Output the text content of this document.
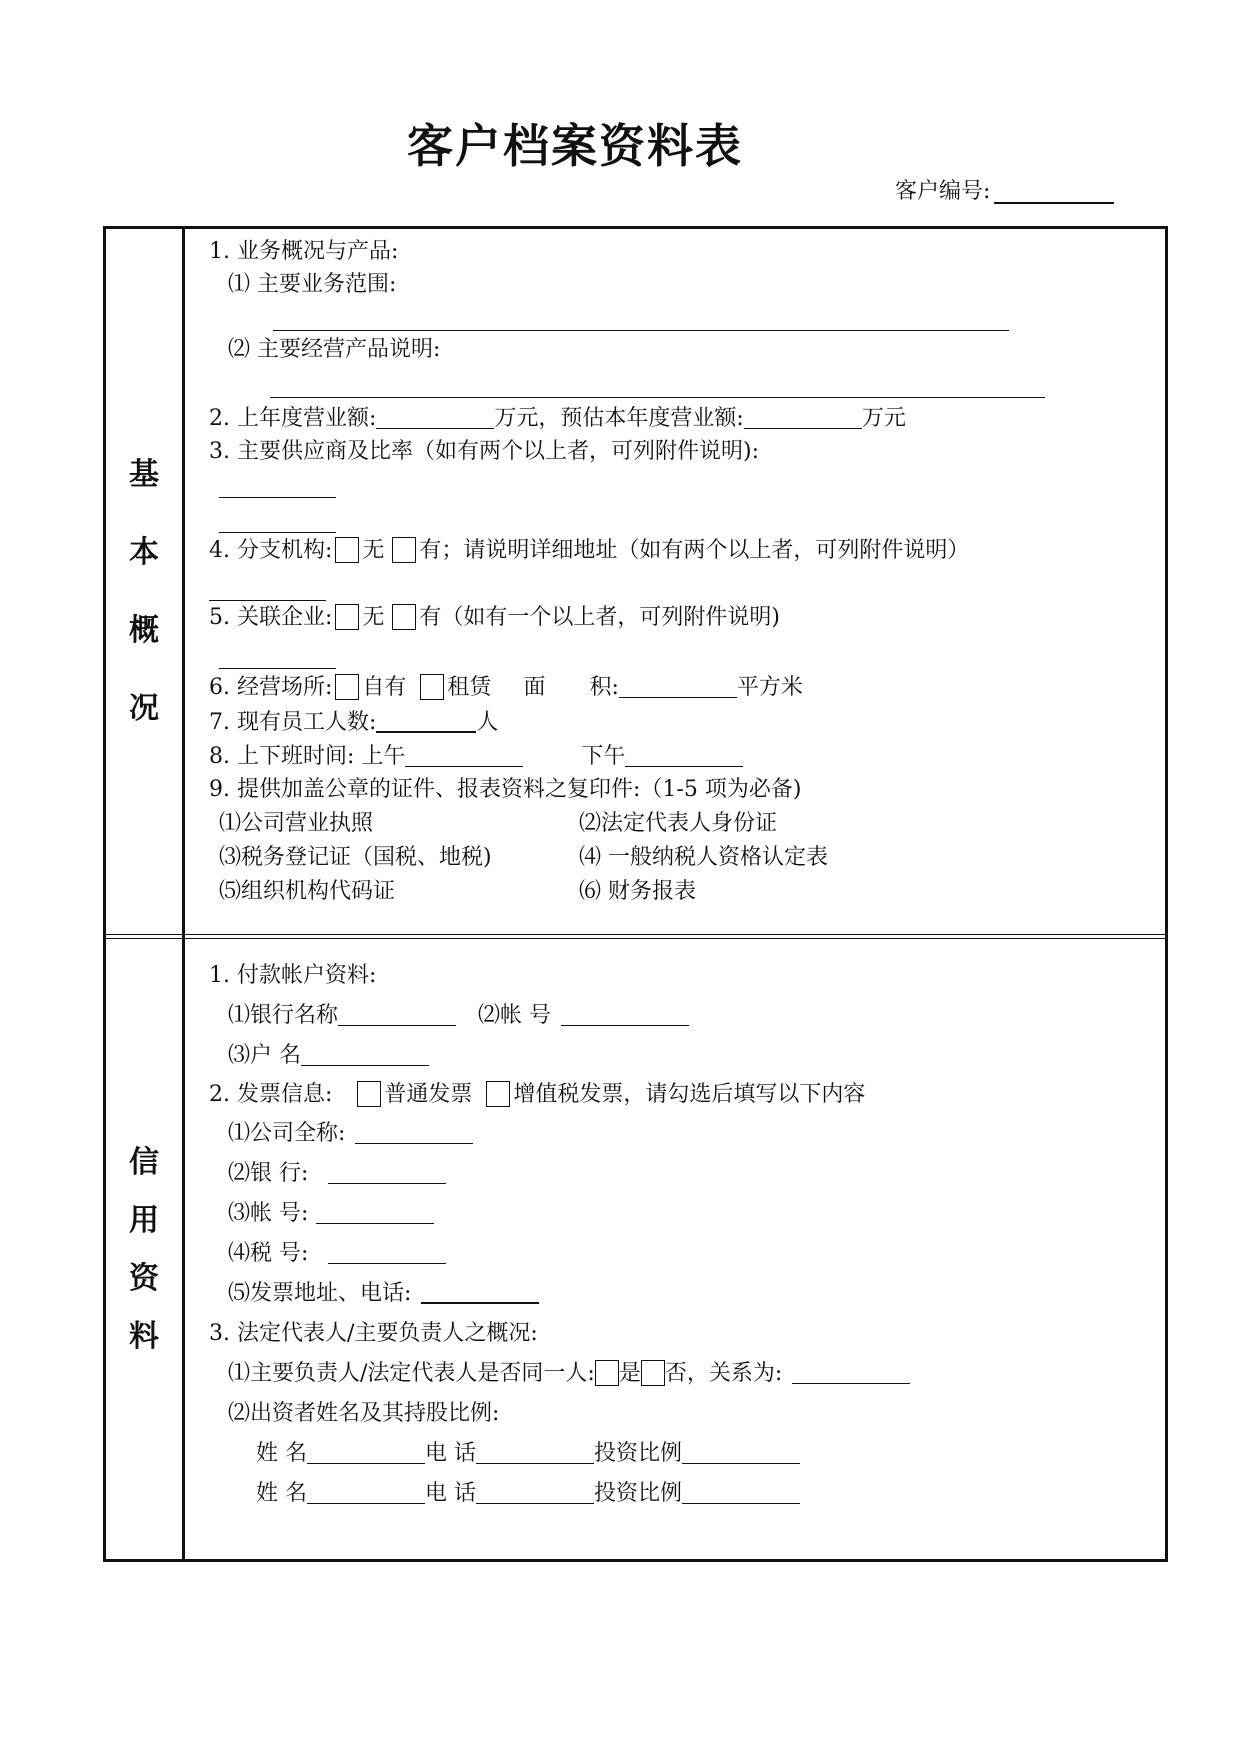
客户档案资料表
客户编号:
基
本
概
况
信
用
资
料
1. 业务概况与产品:
⑴ 主要业务范围:
⑵ 主要经营产品说明:
2. 上年度营业额:	万元，预估本年度营业额:	万元
3. 主要供应商及比率（如有两个以上者，可列附件说明):
4. 分支机构: 无 有；请说明详细地址（如有两个以上者，可列附件说明）
5. 关联企业: 无 有（如有一个以上者，可列附件说明)
6. 经营场所: 自有 租赁 面 积:	平方米
7. 现有员工人数:	人
8. 上下班时间: 上午	下午
9. 提供加盖公章的证件、报表资料之复印件:（1-5 项为必备)
⑴公司营业执照	⑵法定代表人身份证
⑶税务登记证（国税、地税)	⑷ 一般纳税人资格认定表
⑸组织机构代码证	⑹ 财务报表
1. 付款帐户资料:
⑴银行名称	⑵帐 号
⑶户 名
2. 发票信息: 普通发票 增值税发票，请勾选后填写以下内容
⑴公司全称:
⑵银 行:
⑶帐 号:
⑷税 号:
⑸发票地址、电话:
3. 法定代表人/主要负责人之概况:
⑴主要负责人/法定代表人是否同一人: 是 否，关系为:
⑵出资者姓名及其持股比例:
姓 名	电 话	投资比例
姓 名	电 话	投资比例
